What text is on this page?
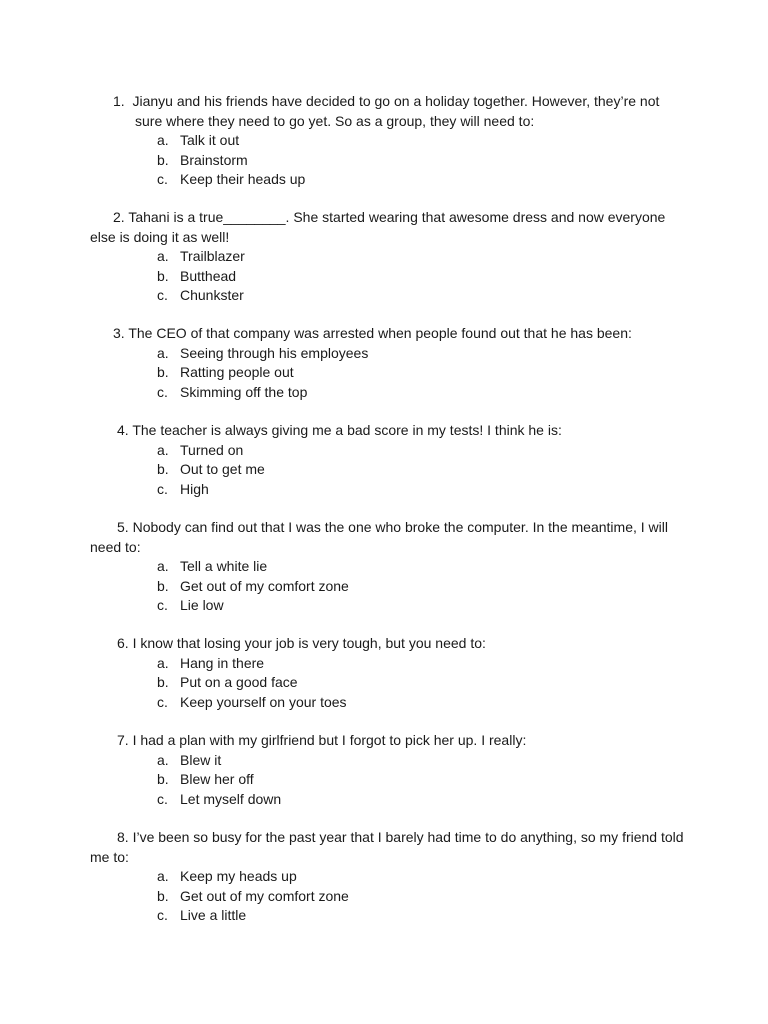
1. Jianyu and his friends have decided to go on a holiday together. However, they’re not sure where they need to go yet. So as a group, they will need to:
a. Talk it out
b. Brainstorm
c. Keep their heads up
2. Tahani is a true________. She started wearing that awesome dress and now everyone else is doing it as well!
a. Trailblazer
b. Butthead
c. Chunkster
3. The CEO of that company was arrested when people found out that he has been:
a. Seeing through his employees
b. Ratting people out
c. Skimming off the top
4. The teacher is always giving me a bad score in my tests! I think he is:
a. Turned on
b. Out to get me
c. High
5. Nobody can find out that I was the one who broke the computer. In the meantime, I will need to:
a. Tell a white lie
b. Get out of my comfort zone
c. Lie low
6. I know that losing your job is very tough, but you need to:
a. Hang in there
b. Put on a good face
c. Keep yourself on your toes
7. I had a plan with my girlfriend but I forgot to pick her up. I really:
a. Blew it
b. Blew her off
c. Let myself down
8. I’ve been so busy for the past year that I barely had time to do anything, so my friend told me to:
a. Keep my heads up
b. Get out of my comfort zone
c. Live a little
